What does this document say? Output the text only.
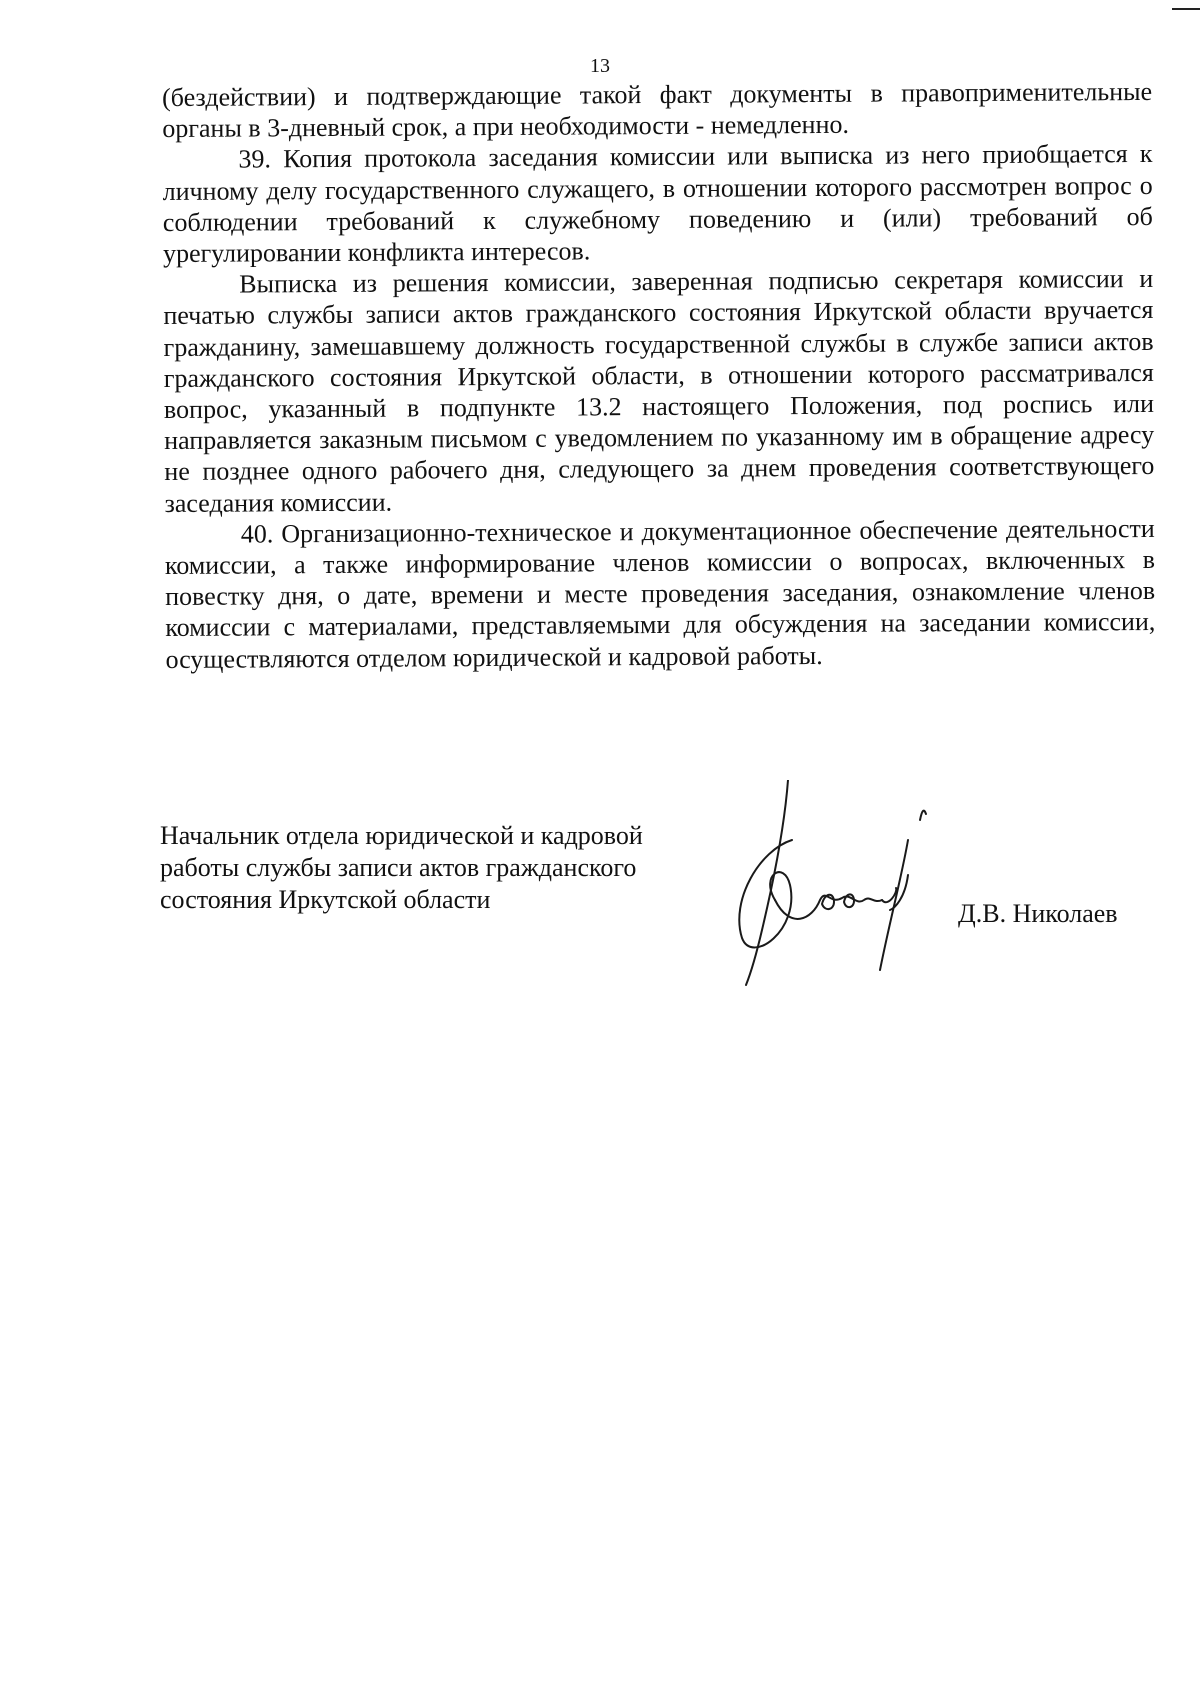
13

(бездействии) и подтверждающие такой факт документы в правоприменительные органы в 3-дневный срок, а при необходимости - немедленно.

39. Копия протокола заседания комиссии или выписка из него приобщается к личному делу государственного служащего, в отношении которого рассмотрен вопрос о соблюдении требований к служебному поведению и (или) требований об урегулировании конфликта интересов.

Выписка из решения комиссии, заверенная подписью секретаря комиссии и печатью службы записи актов гражданского состояния Иркутской области вручается гражданину, замешавшему должность государственной службы в службе записи актов гражданского состояния Иркутской области, в отношении которого рассматривался вопрос, указанный в подпункте 13.2 настоящего Положения, под роспись или направляется заказным письмом с уведомлением по указанному им в обращение адресу не позднее одного рабочего дня, следующего за днем проведения соответствующего заседания комиссии.

40. Организационно-техническое и документационное обеспечение деятельности комиссии, а также информирование членов комиссии о вопросах, включенных в повестку дня, о дате, времени и месте проведения заседания, ознакомление членов комиссии с материалами, представляемыми для обсуждения на заседании комиссии, осуществляются отделом юридической и кадровой работы.

Начальник отдела юридической и кадровой
работы службы записи актов гражданского
состояния Иркутской области	Д.В. Николаев
